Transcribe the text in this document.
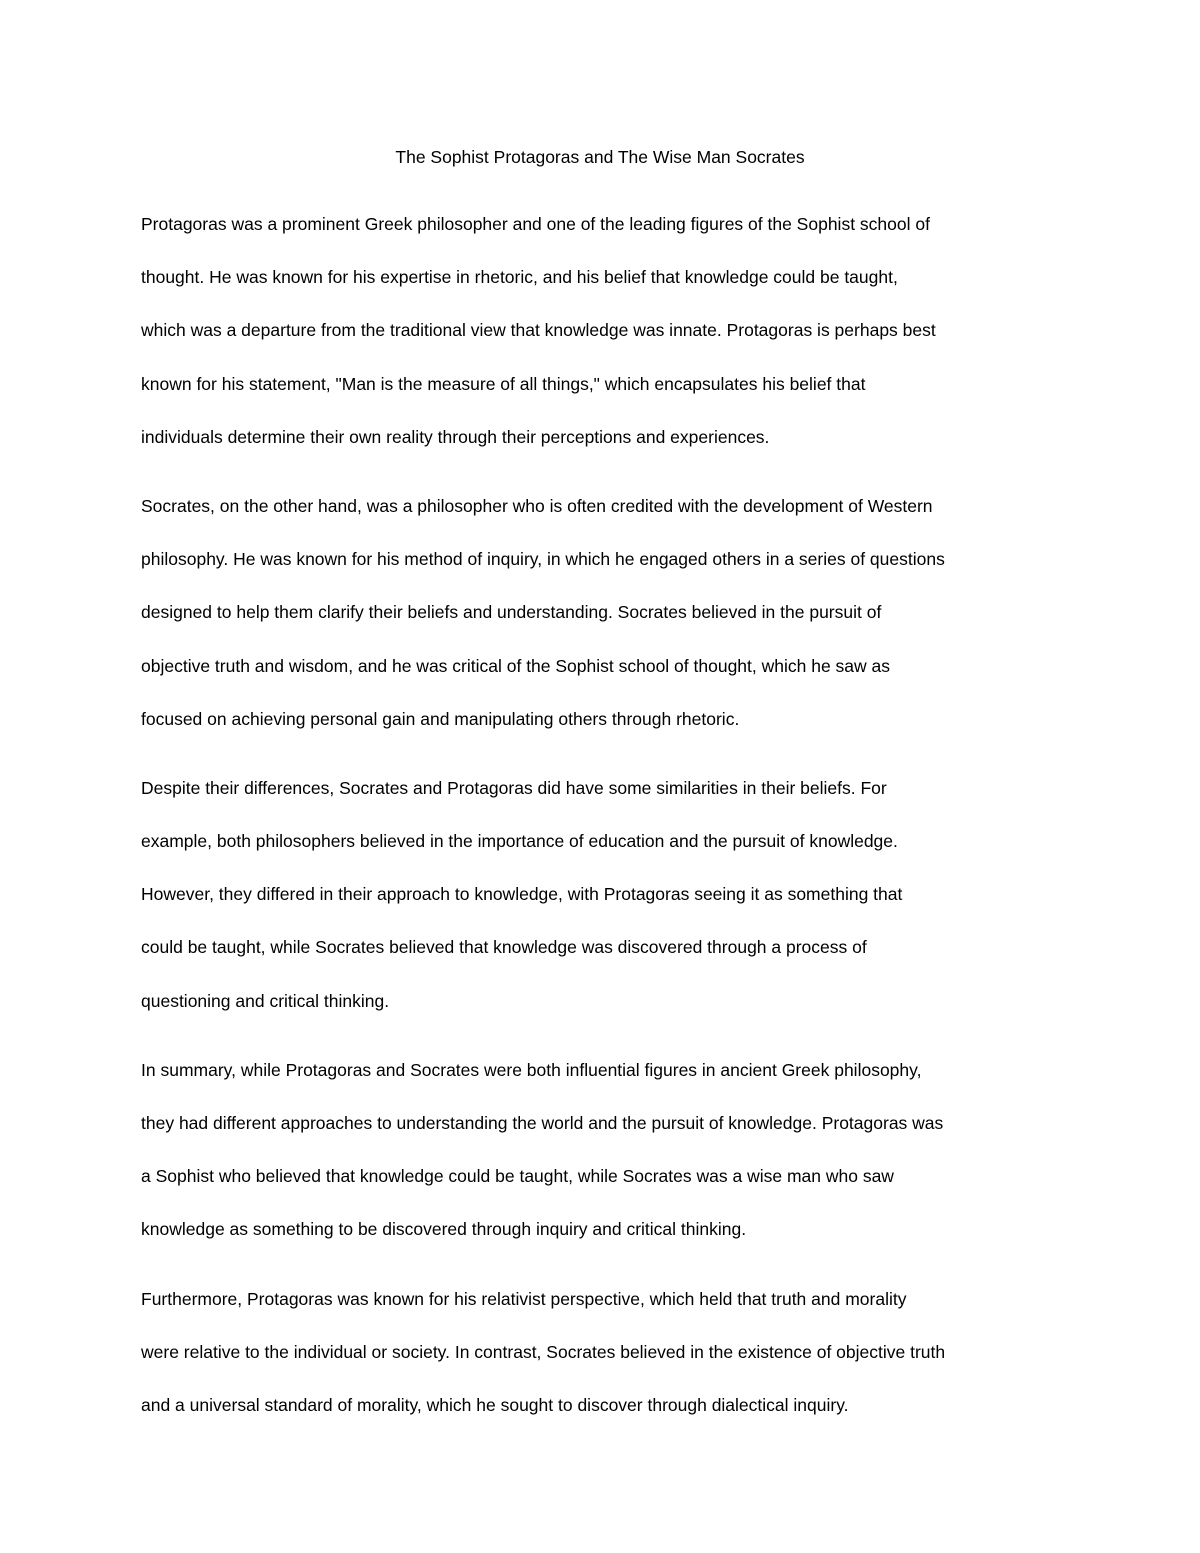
The Sophist Protagoras and The Wise Man Socrates

Protagoras was a prominent Greek philosopher and one of the leading figures of the Sophist school of
thought. He was known for his expertise in rhetoric, and his belief that knowledge could be taught,
which was a departure from the traditional view that knowledge was innate. Protagoras is perhaps best
known for his statement, "Man is the measure of all things," which encapsulates his belief that
individuals determine their own reality through their perceptions and experiences.

Socrates, on the other hand, was a philosopher who is often credited with the development of Western
philosophy. He was known for his method of inquiry, in which he engaged others in a series of questions
designed to help them clarify their beliefs and understanding. Socrates believed in the pursuit of
objective truth and wisdom, and he was critical of the Sophist school of thought, which he saw as
focused on achieving personal gain and manipulating others through rhetoric.

Despite their differences, Socrates and Protagoras did have some similarities in their beliefs. For
example, both philosophers believed in the importance of education and the pursuit of knowledge.
However, they differed in their approach to knowledge, with Protagoras seeing it as something that
could be taught, while Socrates believed that knowledge was discovered through a process of
questioning and critical thinking.

In summary, while Protagoras and Socrates were both influential figures in ancient Greek philosophy,
they had different approaches to understanding the world and the pursuit of knowledge. Protagoras was
a Sophist who believed that knowledge could be taught, while Socrates was a wise man who saw
knowledge as something to be discovered through inquiry and critical thinking.

Furthermore, Protagoras was known for his relativist perspective, which held that truth and morality
were relative to the individual or society. In contrast, Socrates believed in the existence of objective truth
and a universal standard of morality, which he sought to discover through dialectical inquiry.
